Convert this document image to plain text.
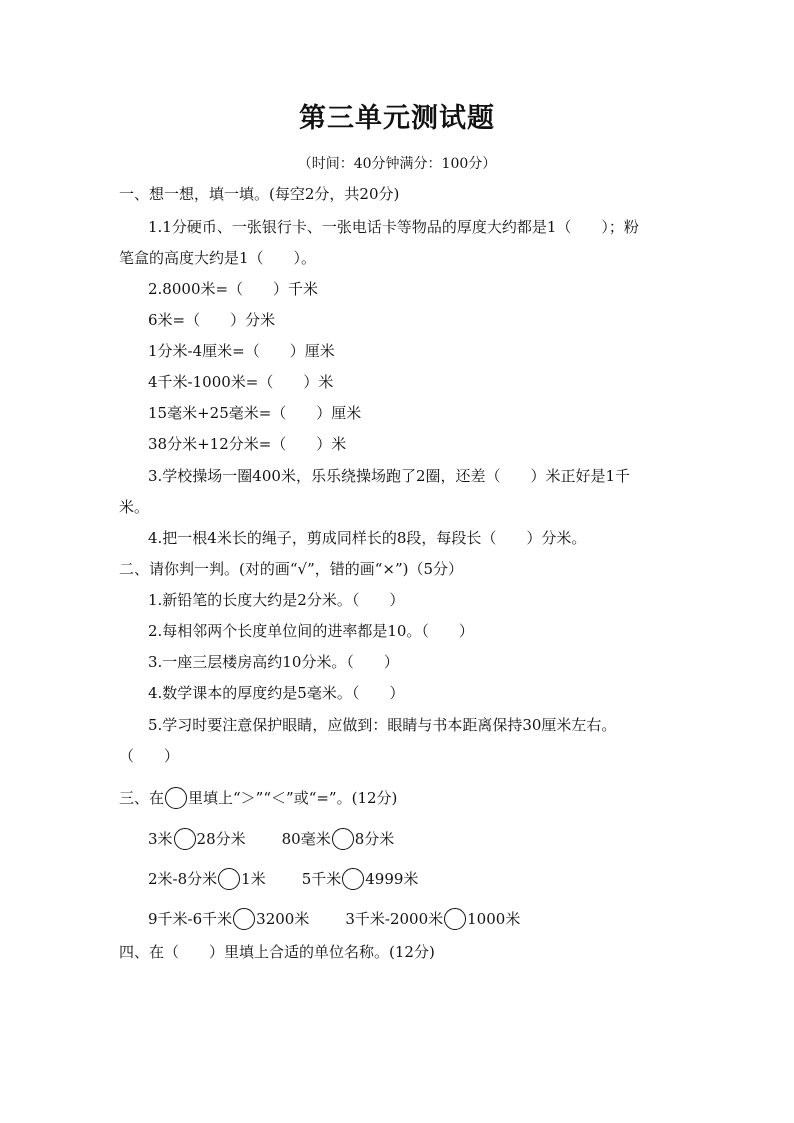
第三单元测试题
（时间：40分钟满分：100分）
一、想一想，填一填。(每空2分，共20分)
1.1分硬币、一张银行卡、一张电话卡等物品的厚度大约都是1（　　）；粉
笔盒的高度大约是1（　　）。
2.8000米=（　　）千米
6米=（　　）分米
1分米-4厘米=（　　）厘米
4千米-1000米=（　　）米
15毫米+25毫米=（　　）厘米
38分米+12分米=（　　）米
3.学校操场一圈400米，乐乐绕操场跑了2圈，还差（　　）米正好是1千
米。
4.把一根4米长的绳子，剪成同样长的8段，每段长（　　）分米。
二、请你判一判。(对的画“√”，错的画“×”)（5分）
1.新铅笔的长度大约是2分米。（　　）
2.每相邻两个长度单位间的进率都是10。（　　）
3.一座三层楼房高约10分米。（　　）
4.数学课本的厚度约是5毫米。（　　）
5.学习时要注意保护眼睛，应做到：眼睛与书本距离保持30厘米左右。
（　　）
三、在 里填上“＞”“＜”或“=”。(12分)
3米 28分米 80毫米 8分米
2米-8分米 1米 5千米 4999米
9千米-6千米 3200米 3千米-2000米 1000米
四、在（　　）里填上合适的单位名称。(12分)
